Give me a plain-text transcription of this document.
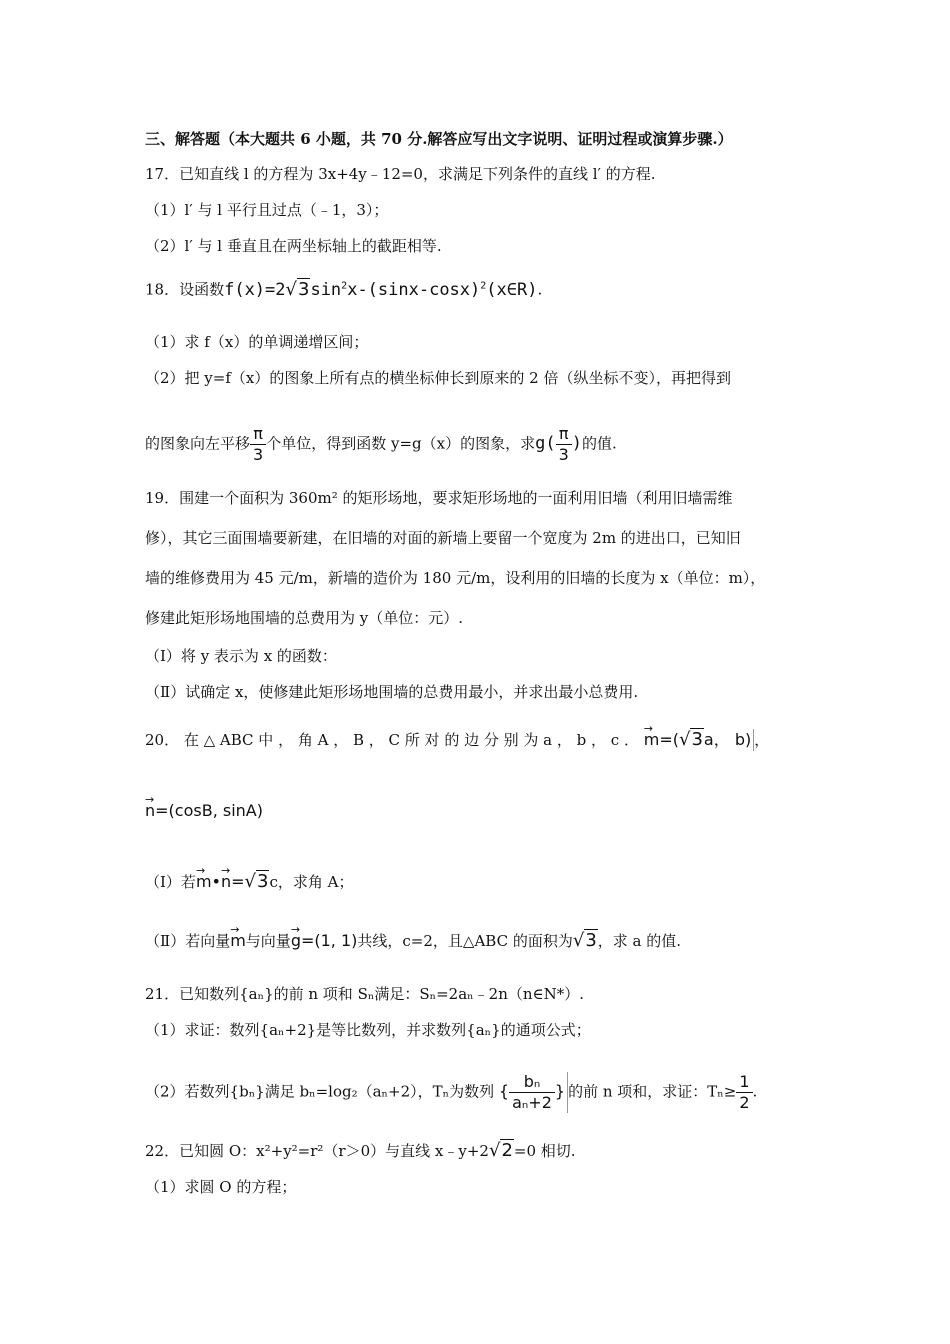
三、解答题（本大题共 6 小题，共 70 分.解答应写出文字说明、证明过程或演算步骤.）
17．已知直线 l 的方程为 3x+4y﹣12=0，求满足下列条件的直线 l′ 的方程.
（1）l′ 与 l 平行且过点（﹣1，3）；
（2）l′ 与 l 垂直且在两坐标轴上的截距相等.
18．设函数$f(x)=2√3\sin^2x-(\sin x-\cos x)^2(x\in R)$.
（1）求 f（x）的单调递增区间；
（2）把 y=f（x）的图象上所有点的横坐标伸长到原来的 2 倍（纵坐标不变），再把得到
的图象向左平移 $\frac{\pi}{3}$ 个单位，得到函数 y=g（x）的图象，求$g( \frac{\pi}{3}$ )的值.
19．围建一个面积为 360m² 的矩形场地，要求矩形场地的一面利用旧墙（利用旧墙需维
修），其它三面围墙要新建，在旧墙的对面的新墙上要留一个宽度为 2m 的进出口，已知旧
墙的维修费用为 45 元/m，新墙的造价为 180 元/m，设利用的旧墙的长度为 x（单位：m），
修建此矩形场地围墙的总费用为 y（单位：元）.
（Ⅰ）将 y 表示为 x 的函数：
（Ⅱ）试确定 x，使修建此矩形场地围墙的总费用最小，并求出最小总费用.
20． 在 △ ABC 中 ， 角 A ， B ， C 所 对 的 边 分 别 为 a ， b ， c ． → m=(√3a， b) ，
→ n=(cosB, sinA)
（Ⅰ）若→ m•→ n=√3c，求角 A；
（Ⅱ）若向量→ m与向量→ g=(1, 1)共线，c=2，且△ABC 的面积为√3，求 a 的值.
21．已知数列{aₙ}的前 n 项和 Sₙ满足：Sₙ=2aₙ﹣2n（n∈N*）.
（1）求证：数列{aₙ+2}是等比数列，并求数列{aₙ}的通项公式；
（2）若数列{bₙ}满足 bₙ=log₂（aₙ+2），Tₙ为数列 { $\frac{\text{bₙ}}{\text{aₙ+2}}$ } 的前 n 项和，求证：$T_n\ge \frac{1}{2}$ .
22．已知圆 O：x²+y²=r²（r＞0）与直线 x﹣y+2√2=0 相切.
（1）求圆 O 的方程；
